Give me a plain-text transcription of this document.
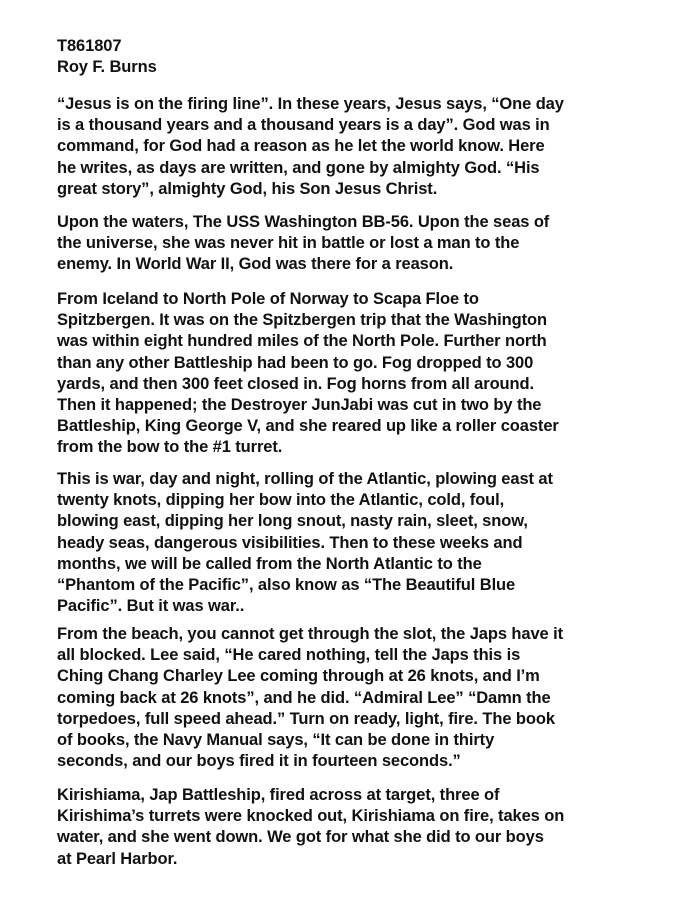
T861807
Roy F. Burns
“Jesus is on the firing line”. In these years, Jesus says, “One day
is a thousand years and a thousand years is a day”. God was in
command, for God had a reason as he let the world know. Here
he writes, as days are written, and gone by almighty God. “His
great story”, almighty God, his Son Jesus Christ.
Upon the waters, The USS Washington BB-56. Upon the seas of
the universe, she was never hit in battle or lost a man to the
enemy. In World War II, God was there for a reason.
From Iceland to North Pole of Norway to Scapa Floe to
Spitzbergen. It was on the Spitzbergen trip that the Washington
was within eight hundred miles of the North Pole. Further north
than any other Battleship had been to go. Fog dropped to 300
yards, and then 300 feet closed in. Fog horns from all around.
Then it happened; the Destroyer JunJabi was cut in two by the
Battleship, King George V, and she reared up like a roller coaster
from the bow to the #1 turret.
This is war, day and night, rolling of the Atlantic, plowing east at
twenty knots, dipping her bow into the Atlantic, cold, foul,
blowing east, dipping her long snout, nasty rain, sleet, snow,
heady seas, dangerous visibilities. Then to these weeks and
months, we will be called from the North Atlantic to the
“Phantom of the Pacific”, also know as “The Beautiful Blue
Pacific”. But it was war..
From the beach, you cannot get through the slot, the Japs have it
all blocked. Lee said, “He cared nothing, tell the Japs this is
Ching Chang Charley Lee coming through at 26 knots, and I’m
coming back at 26 knots”, and he did. “Admiral Lee” “Damn the
torpedoes, full speed ahead.” Turn on ready, light, fire. The book
of books, the Navy Manual says, “It can be done in thirty
seconds, and our boys fired it in fourteen seconds.”
Kirishiama, Jap Battleship, fired across at target, three of
Kirishima’s turrets were knocked out, Kirishiama on fire, takes on
water, and she went down. We got for what she did to our boys
at Pearl Harbor.
